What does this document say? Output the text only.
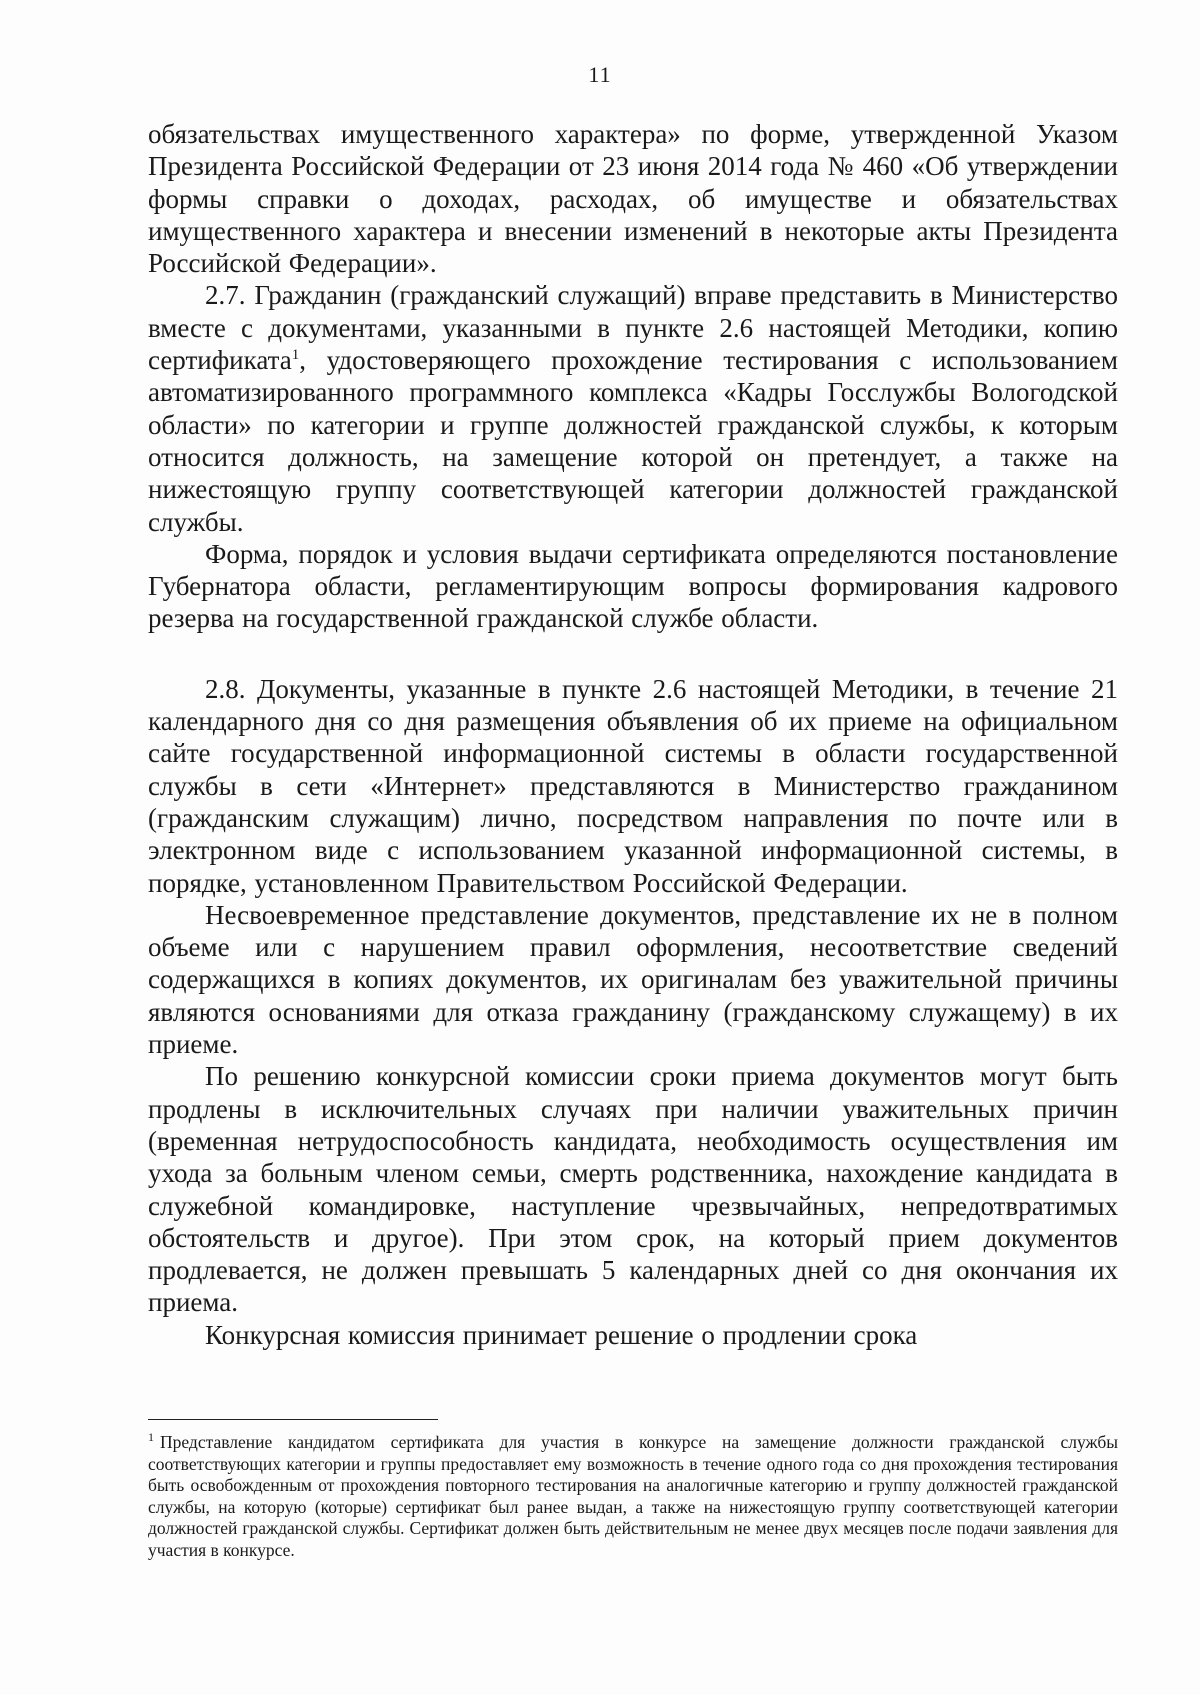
11

обязательствах имущественного характера» по форме, утвержденной Указом Президента Российской Федерации от 23 июня 2014 года № 460 «Об утверждении формы справки о доходах, расходах, об имуществе и обязательствах имущественного характера и внесении изменений в некоторые акты Президента Российской Федерации».

2.7. Гражданин (гражданский служащий) вправе представить в Министерство вместе с документами, указанными в пункте 2.6 настоящей Методики, копию сертификата$^1$, удостоверяющего прохождение тестирования с использованием автоматизированного программного комплекса «Кадры Госслужбы Вологодской области» по категории и группе должностей гражданской службы, к которым относится должность, на замещение которой он претендует, а также на нижестоящую группу соответствующей категории должностей гражданской службы.

Форма, порядок и условия выдачи сертификата определяются постановление Губернатора области, регламентирующим вопросы формирования кадрового резерва на государственной гражданской службе области.

2.8. Документы, указанные в пункте 2.6 настоящей Методики, в течение 21 календарного дня со дня размещения объявления об их приеме на официальном сайте государственной информационной системы в области государственной службы в сети «Интернет» представляются в Министерство гражданином (гражданским служащим) лично, посредством направления по почте или в электронном виде с использованием указанной информационной системы, в порядке, установленном Правительством Российской Федерации.

Несвоевременное представление документов, представление их не в полном объеме или с нарушением правил оформления, несоответствие сведений содержащихся в копиях документов, их оригиналам без уважительной причины являются основаниями для отказа гражданину (гражданскому служащему) в их приеме.

По решению конкурсной комиссии сроки приема документов могут быть продлены в исключительных случаях при наличии уважительных причин (временная нетрудоспособность кандидата, необходимость осуществления им ухода за больным членом семьи, смерть родственника, нахождение кандидата в служебной командировке, наступление чрезвычайных, непредотвратимых обстоятельств и другое). При этом срок, на который прием документов продлевается, не должен превышать 5 календарных дней со дня окончания их приема.

Конкурсная комиссия принимает решение о продлении срока

$^1$ Представление кандидатом сертификата для участия в конкурсе на замещение должности гражданской службы соответствующих категории и группы предоставляет ему возможность в течение одного года со дня прохождения тестирования быть освобожденным от прохождения повторного тестирования на аналогичные категорию и группу должностей гражданской службы, на которую (которые) сертификат был ранее выдан, а также на нижестоящую группу соответствующей категории должностей гражданской службы. Сертификат должен быть действительным не менее двух месяцев после подачи заявления для участия в конкурсе.
